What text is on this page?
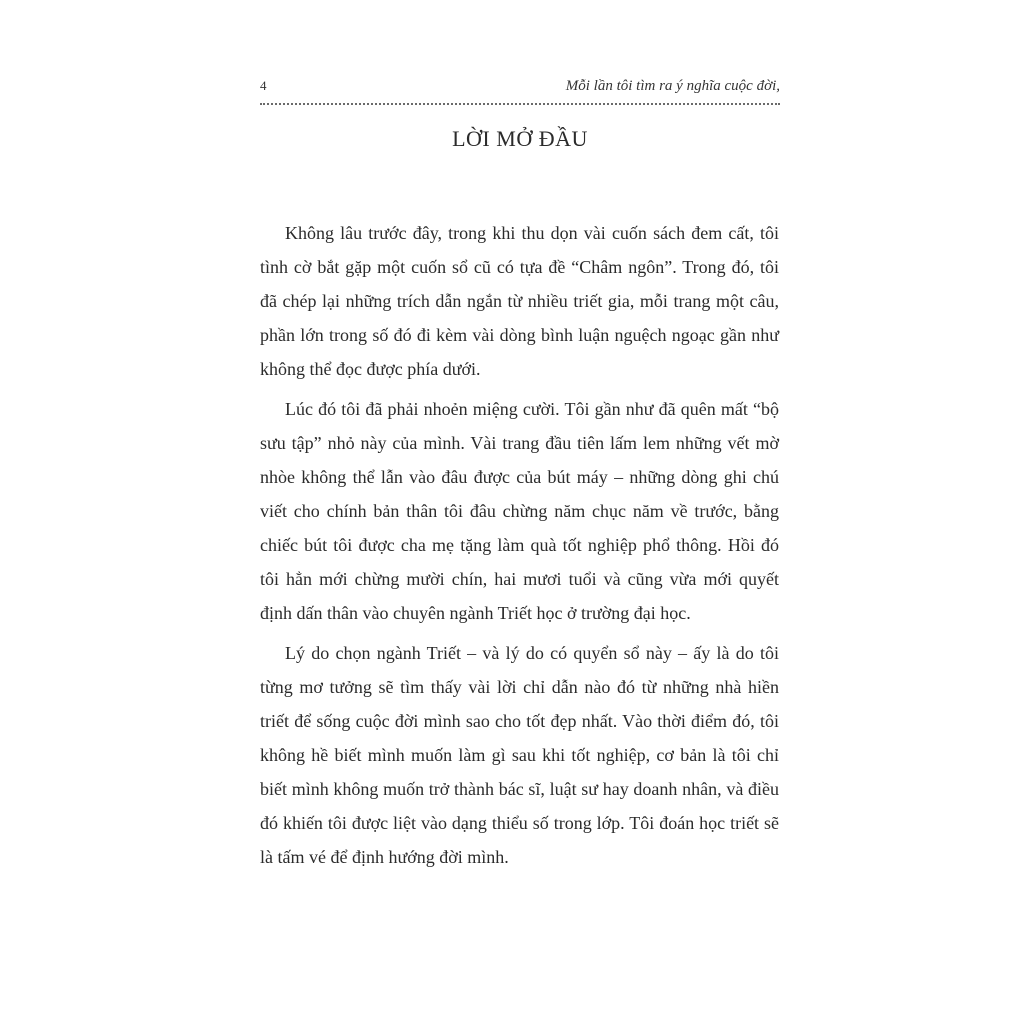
4	Mỗi lần tôi tìm ra ý nghĩa cuộc đời,
LỜI MỞ ĐẦU

Không lâu trước đây, trong khi thu dọn vài cuốn sách đem cất, tôi tình cờ bắt gặp một cuốn sổ cũ có tựa đề “Châm ngôn”. Trong đó, tôi đã chép lại những trích dẫn ngắn từ nhiều triết gia, mỗi trang một câu, phần lớn trong số đó đi kèm vài dòng bình luận nguệch ngoạc gần như không thể đọc được phía dưới.

Lúc đó tôi đã phải nhoẻn miệng cười. Tôi gần như đã quên mất “bộ sưu tập” nhỏ này của mình. Vài trang đầu tiên lấm lem những vết mờ nhòe không thể lẫn vào đâu được của bút máy – những dòng ghi chú viết cho chính bản thân tôi đâu chừng năm chục năm về trước, bằng chiếc bút tôi được cha mẹ tặng làm quà tốt nghiệp phổ thông. Hồi đó tôi hẳn mới chừng mười chín, hai mươi tuổi và cũng vừa mới quyết định dấn thân vào chuyên ngành Triết học ở trường đại học.

Lý do chọn ngành Triết – và lý do có quyển sổ này – ấy là do tôi từng mơ tưởng sẽ tìm thấy vài lời chỉ dẫn nào đó từ những nhà hiền triết để sống cuộc đời mình sao cho tốt đẹp nhất. Vào thời điểm đó, tôi không hề biết mình muốn làm gì sau khi tốt nghiệp, cơ bản là tôi chỉ biết mình không muốn trở thành bác sĩ, luật sư hay doanh nhân, và điều đó khiến tôi được liệt vào dạng thiểu số trong lớp. Tôi đoán học triết sẽ là tấm vé để định hướng đời mình.
